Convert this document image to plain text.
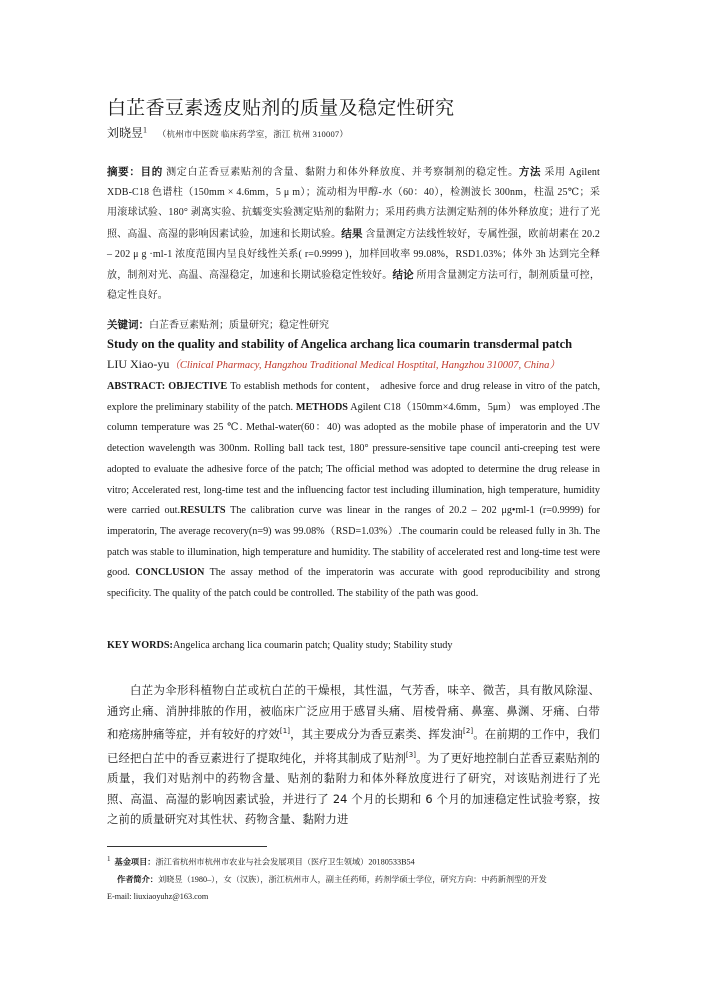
白芷香豆素透皮贴剂的质量及稳定性研究
刘晓昱$^1$ （杭州市中医院 临床药学室，浙江 杭州 310007）
摘要：目的 测定白芷香豆素贴剂的含量、黏附力和体外释放度、并考察制剂的稳定性。方法 采用 Agilent XDB-C18 色谱柱（150mm × 4.6mm，5 μ m）；流动相为甲醇-水（60：40），检测波长 300nm，柱温 25℃；采用滚球试验、180° 剥离实验、抗蠕变实验测定贴剂的黏附力；采用药典方法测定贴剂的体外释放度；进行了光照、高温、高湿的影响因素试验，加速和长期试验。结果 含量测定方法线性较好，专属性强，欧前胡素在 20.2 – 202 μ g ·ml-1 浓度范围内呈良好线性关系( r=0.9999 )，加样回收率 99.08%，RSD1.03%；体外 3h 达到完全释放，制剂对光、高温、高湿稳定，加速和长期试验稳定性较好。结论 所用含量测定方法可行，制剂质量可控，稳定性良好。
关键词：白芷香豆素贴剂；质量研究；稳定性研究
Study on the quality and stability of Angelica archang lica coumarin transdermal patch
LIU Xiao-yu（Clinical Pharmacy, Hangzhou Traditional Medical Hosptital, Hangzhou 310007, China）
ABSTRACT: OBJECTIVE To establish methods for content， adhesive force and drug release in vitro of the patch, explore the preliminary stability of the patch. METHODS Agilent C18（150mm×4.6mm，5μm） was employed .The column temperature was 25 ℃. Methal-water(60：40) was adopted as the mobile phase of imperatorin and the UV detection wavelength was 300nm. Rolling ball tack test, 180° pressure-sensitive tape council anti-creeping test were adopted to evaluate the adhesive force of the patch; The official method was adopted to determine the drug release in vitro; Accelerated rest, long-time test and the influencing factor test including illumination, high temperature, humidity were carried out.RESULTS The calibration curve was linear in the ranges of 20.2 – 202 μg•ml-1 (r=0.9999) for imperatorin, The average recovery(n=9) was 99.08%（RSD=1.03%）.The coumarin could be released fully in 3h. The patch was stable to illumination, high temperature and humidity. The stability of accelerated rest and long-time test were good. CONCLUSION The assay method of the imperatorin was accurate with good reproducibility and strong specificity. The quality of the patch could be controlled. The stability of the path was good.
KEY WORDS:Angelica archang lica coumarin patch; Quality study; Stability study

白芷为伞形科植物白芷或杭白芷的干燥根，其性温，气芳香，味辛、微苦，具有散风除湿、通窍止痛、消肿排脓的作用，被临床广泛应用于感冒头痛、眉棱骨痛、鼻塞、鼻渊、牙痛、白带和疮疡肿痛等症，并有较好的疗效[1]，其主要成分为香豆素类、挥发油[2]。在前期的工作中，我们已经把白芷中的香豆素进行了提取纯化，并将其制成了贴剂[3]。为了更好地控制白芷香豆素贴剂的质量，我们对贴剂中的药物含量、贴剂的黏附力和体外释放度进行了研究，对该贴剂进行了光照、高温、高湿的影响因素试验，并进行了 24 个月的长期和 6 个月的加速稳定性试验考察，按之前的质量研究对其性状、药物含量、黏附力进

1 基金项目：浙江省杭州市杭州市农业与社会发展项目（医疗卫生领域）20180533B54
作者简介：刘晓昱（1980–），女（汉族），浙江杭州市人，副主任药师，药剂学硕士学位，研究方向：中药新剂型的开发
E-mail: liuxiaoyuhz@163.com
